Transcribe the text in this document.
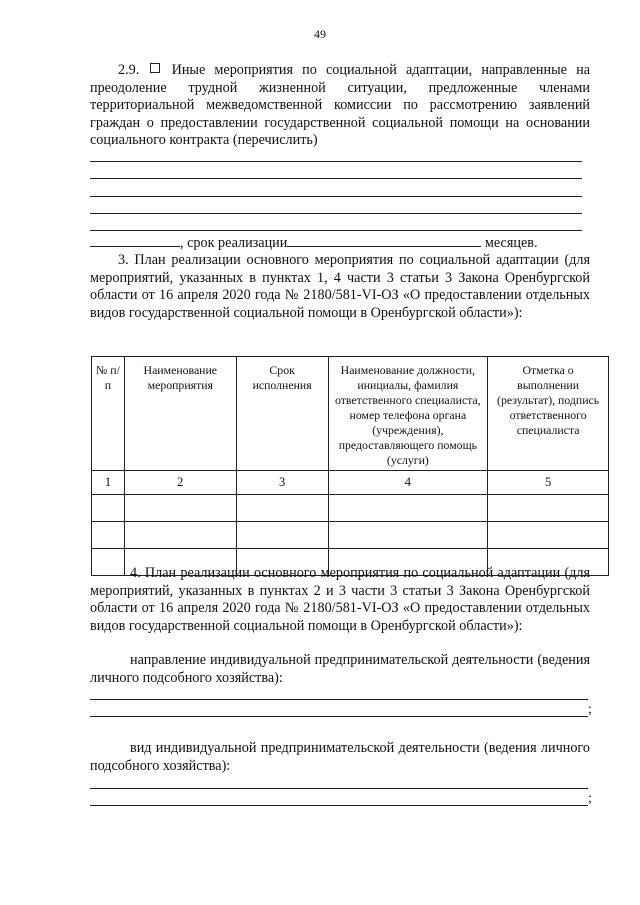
49
2.9. Иные мероприятия по социальной адаптации, направленные на преодоление трудной жизненной ситуации, предложенные членами территориальной межведомственной комиссии по рассмотрению заявлений граждан о предоставлении государственной социальной помощи на основании социального контракта (перечислить)
, срок реализации	месяцев.
3. План реализации основного мероприятия по социальной адаптации (для мероприятий, указанных в пунктах 1, 4 части 3 статьи 3 Закона Оренбургской области от 16 апреля 2020 года № 2180/581-VI-ОЗ «О предоставлении отдельных видов государственной социальной помощи в Оренбургской области»):
№ п/п	Наименование мероприятия	Срок исполнения	Наименование должности, инициалы, фамилия ответственного специалиста, номер телефона органа (учреждения), предоставляющего помощь (услуги)	Отметка о выполнении (результат), подпись ответственного специалиста
1	2	3	4	5

4. План реализации основного мероприятия по социальной адаптации (для мероприятий, указанных в пунктах 2 и 3 части 3 статьи 3 Закона Оренбургской области от 16 апреля 2020 года № 2180/581-VI-ОЗ «О предоставлении отдельных видов государственной социальной помощи в Оренбургской области»):
направление индивидуальной предпринимательской деятельности (ведения личного подсобного хозяйства):
;
вид индивидуальной предпринимательской деятельности (ведения личного подсобного хозяйства):
;
